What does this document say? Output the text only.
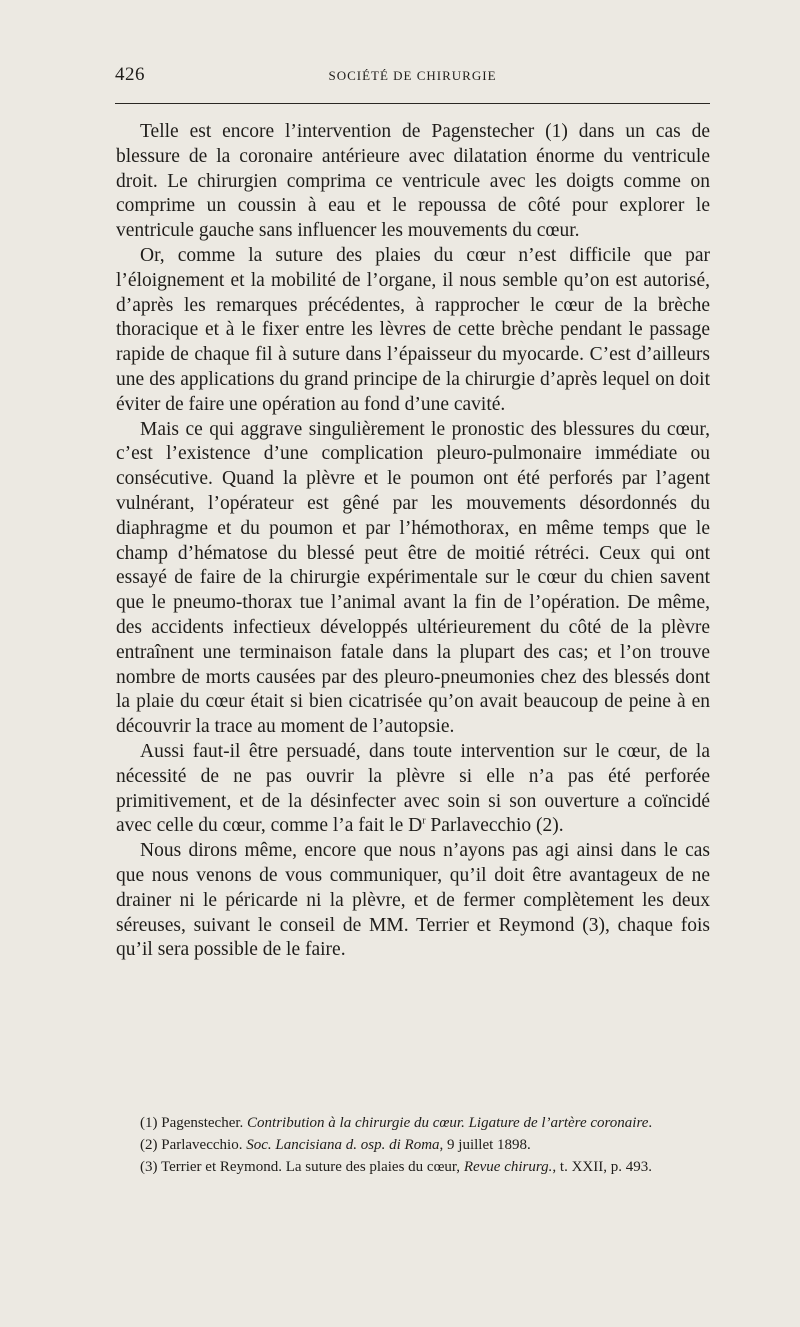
426	SOCIÉTÉ DE CHIRURGIE

Telle est encore l’intervention de Pagenstecher (1) dans un cas de blessure de la coronaire antérieure avec dilatation énorme du ventricule droit. Le chirurgien comprima ce ventricule avec les doigts comme on comprime un coussin à eau et le repoussa de côté pour explorer le ventricule gauche sans influencer les mouvements du cœur.

Or, comme la suture des plaies du cœur n’est difficile que par l’éloignement et la mobilité de l’organe, il nous semble qu’on est autorisé, d’après les remarques précédentes, à rapprocher le cœur de la brèche thoracique et à le fixer entre les lèvres de cette brèche pendant le passage rapide de chaque fil à suture dans l’épaisseur du myocarde. C’est d’ailleurs une des applications du grand principe de la chirurgie d’après lequel on doit éviter de faire une opération au fond d’une cavité.

Mais ce qui aggrave singulièrement le pronostic des blessures du cœur, c’est l’existence d’une complication pleuro-pulmonaire immédiate ou consécutive. Quand la plèvre et le poumon ont été perforés par l’agent vulnérant, l’opérateur est gêné par les mouvements désordonnés du diaphragme et du poumon et par l’hémothorax, en même temps que le champ d’hématose du blessé peut être de moitié rétréci. Ceux qui ont essayé de faire de la chirurgie expérimentale sur le cœur du chien savent que le pneumo-thorax tue l’animal avant la fin de l’opération. De même, des accidents infectieux développés ultérieurement du côté de la plèvre entraînent une terminaison fatale dans la plupart des cas; et l’on trouve nombre de morts causées par des pleuro-pneumonies chez des blessés dont la plaie du cœur était si bien cicatrisée qu’on avait beaucoup de peine à en découvrir la trace au moment de l’autopsie.

Aussi faut-il être persuadé, dans toute intervention sur le cœur, de la nécessité de ne pas ouvrir la plèvre si elle n’a pas été perforée primitivement, et de la désinfecter avec soin si son ouverture a coïncidé avec celle du cœur, comme l’a fait le $D^r$ Parlavecchio (2).

Nous dirons même, encore que nous n’ayons pas agi ainsi dans le cas que nous venons de vous communiquer, qu’il doit être avantageux de ne drainer ni le péricarde ni la plèvre, et de fermer complètement les deux séreuses, suivant le conseil de MM. Terrier et Reymond (3), chaque fois qu’il sera possible de le faire.

(1) Pagenstecher. Contribution à la chirurgie du cœur. Ligature de l’artère coronaire.

(2) Parlavecchio. Soc. Lancisiana d. osp. di Roma, 9 juillet 1898.

(3) Terrier et Reymond. La suture des plaies du cœur, Revue chirurg., t. XXII, p. 493.
